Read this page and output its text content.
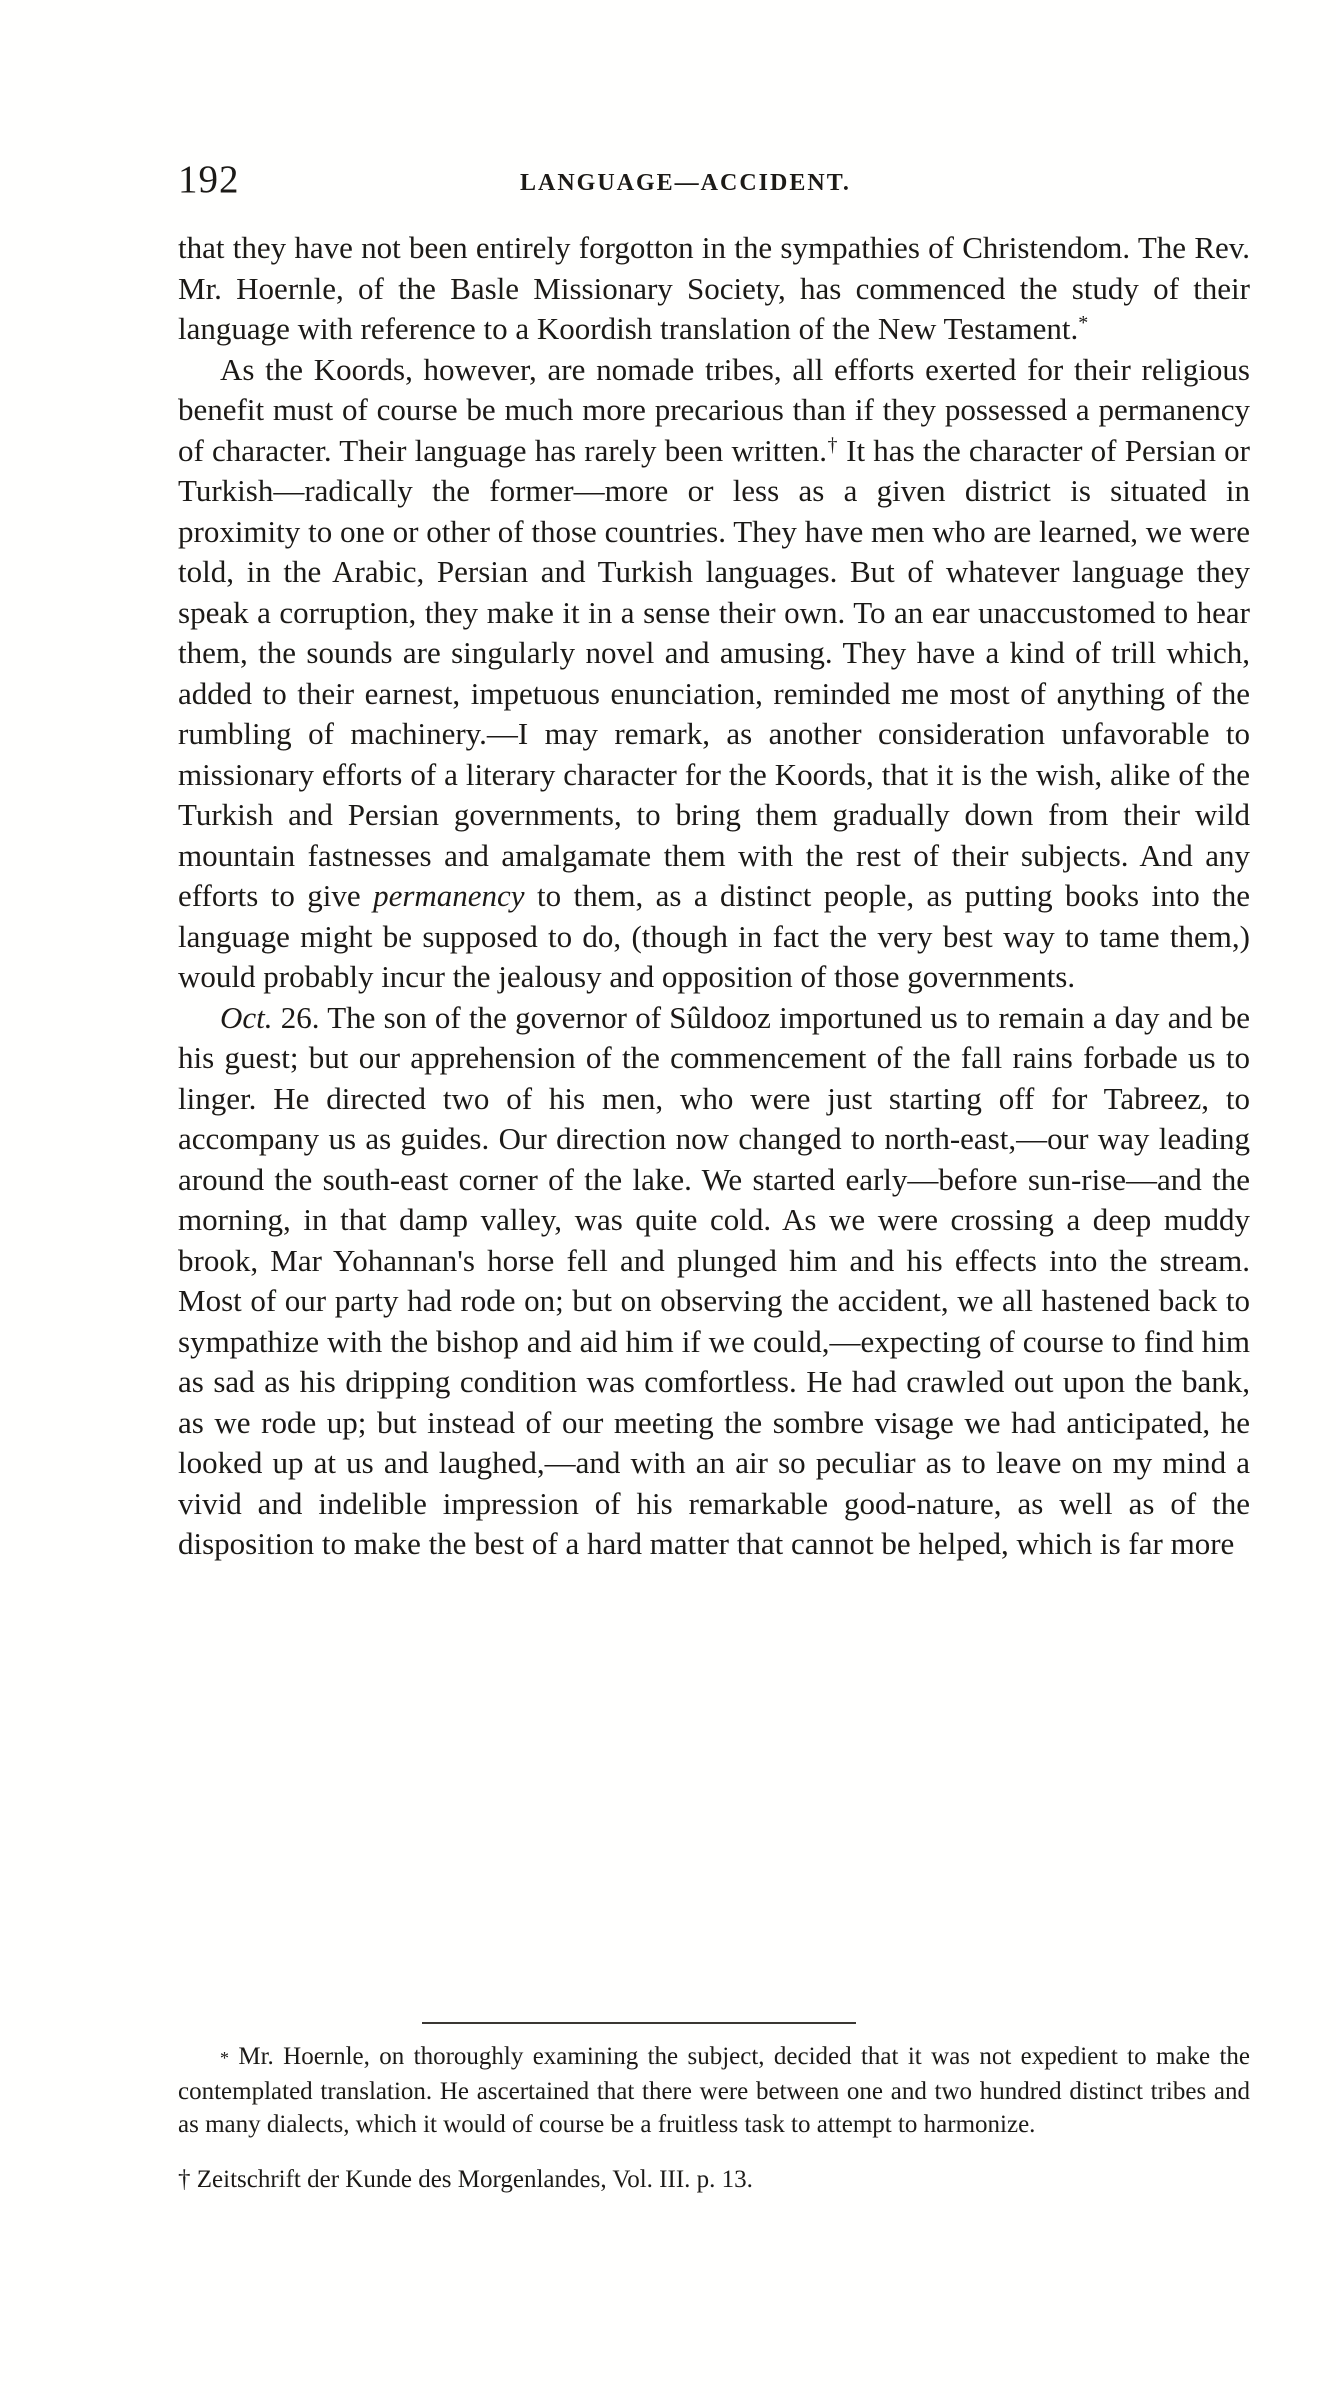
192	LANGUAGE—ACCIDENT.

that they have not been entirely forgotton in the sympathies of Christendom. The Rev. Mr. Hoernle, of the Basle Missionary Society, has commenced the study of their language with reference to a Koordish translation of the New Testament.*

As the Koords, however, are nomade tribes, all efforts exerted for their religious benefit must of course be much more precarious than if they possessed a permanency of character. Their language has rarely been written.† It has the character of Persian or Turkish—radically the former—more or less as a given district is situated in proximity to one or other of those countries. They have men who are learned, we were told, in the Arabic, Persian and Turkish languages. But of whatever language they speak a corruption, they make it in a sense their own. To an ear unaccustomed to hear them, the sounds are singularly novel and amusing. They have a kind of trill which, added to their earnest, impetuous enunciation, reminded me most of anything of the rumbling of machinery.—I may remark, as another consideration unfavorable to missionary efforts of a literary character for the Koords, that it is the wish, alike of the Turkish and Persian governments, to bring them gradually down from their wild mountain fastnesses and amalgamate them with the rest of their subjects. And any efforts to give permanency to them, as a distinct people, as putting books into the language might be supposed to do, (though in fact the very best way to tame them,) would probably incur the jealousy and opposition of those governments.

Oct. 26. The son of the governor of Sûldooz importuned us to remain a day and be his guest; but our apprehension of the commencement of the fall rains forbade us to linger. He directed two of his men, who were just starting off for Tabreez, to accompany us as guides. Our direction now changed to north-east,—our way leading around the south-east corner of the lake. We started early—before sun-rise—and the morning, in that damp valley, was quite cold. As we were crossing a deep muddy brook, Mar Yohannan's horse fell and plunged him and his effects into the stream. Most of our party had rode on; but on observing the accident, we all hastened back to sympathize with the bishop and aid him if we could,—expecting of course to find him as sad as his dripping condition was comfortless. He had crawled out upon the bank, as we rode up; but instead of our meeting the sombre visage we had anticipated, he looked up at us and laughed,—and with an air so peculiar as to leave on my mind a vivid and indelible impression of his remarkable good-nature, as well as of the disposition to make the best of a hard matter that cannot be helped, which is far more

* Mr. Hoernle, on thoroughly examining the subject, decided that it was not expedient to make the contemplated translation. He ascertained that there were between one and two hundred distinct tribes and as many dialects, which it would of course be a fruitless task to attempt to harmonize.

† Zeitschrift der Kunde des Morgenlandes, Vol. III. p. 13.
